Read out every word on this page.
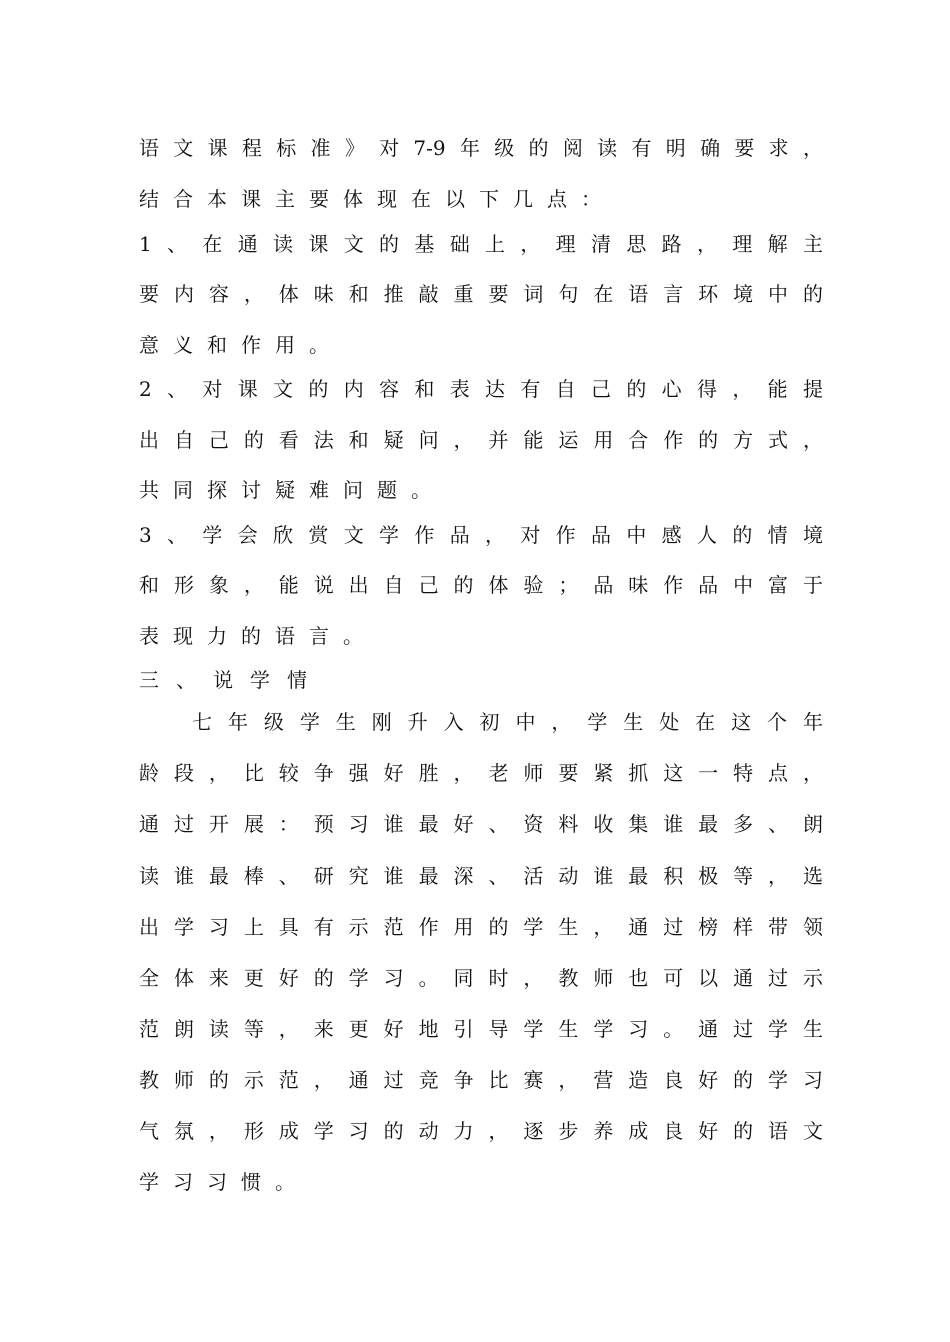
语文课程标准》对7-9年级的阅读有明确要求，
结合本课主要体现在以下几点：
1、在通读课文的基础上，理清思路，理解主
要内容，体味和推敲重要词句在语言环境中的
意义和作用。
2、对课文的内容和表达有自己的心得，能提
出自己的看法和疑问，并能运用合作的方式，
共同探讨疑难问题。
3、学会欣赏文学作品，对作品中感人的情境
和形象，能说出自己的体验；品味作品中富于
表现力的语言。
三、说学情
七年级学生刚升入初中，学生处在这个年
龄段，比较争强好胜，老师要紧抓这一特点，
通过开展：预习谁最好、资料收集谁最多、朗
读谁最棒、研究谁最深、活动谁最积极等，选
出学习上具有示范作用的学生，通过榜样带领
全体来更好的学习。同时，教师也可以通过示
范朗读等，来更好地引导学生学习。通过学生
教师的示范，通过竞争比赛，营造良好的学习
气氛，形成学习的动力，逐步养成良好的语文
学习习惯。
